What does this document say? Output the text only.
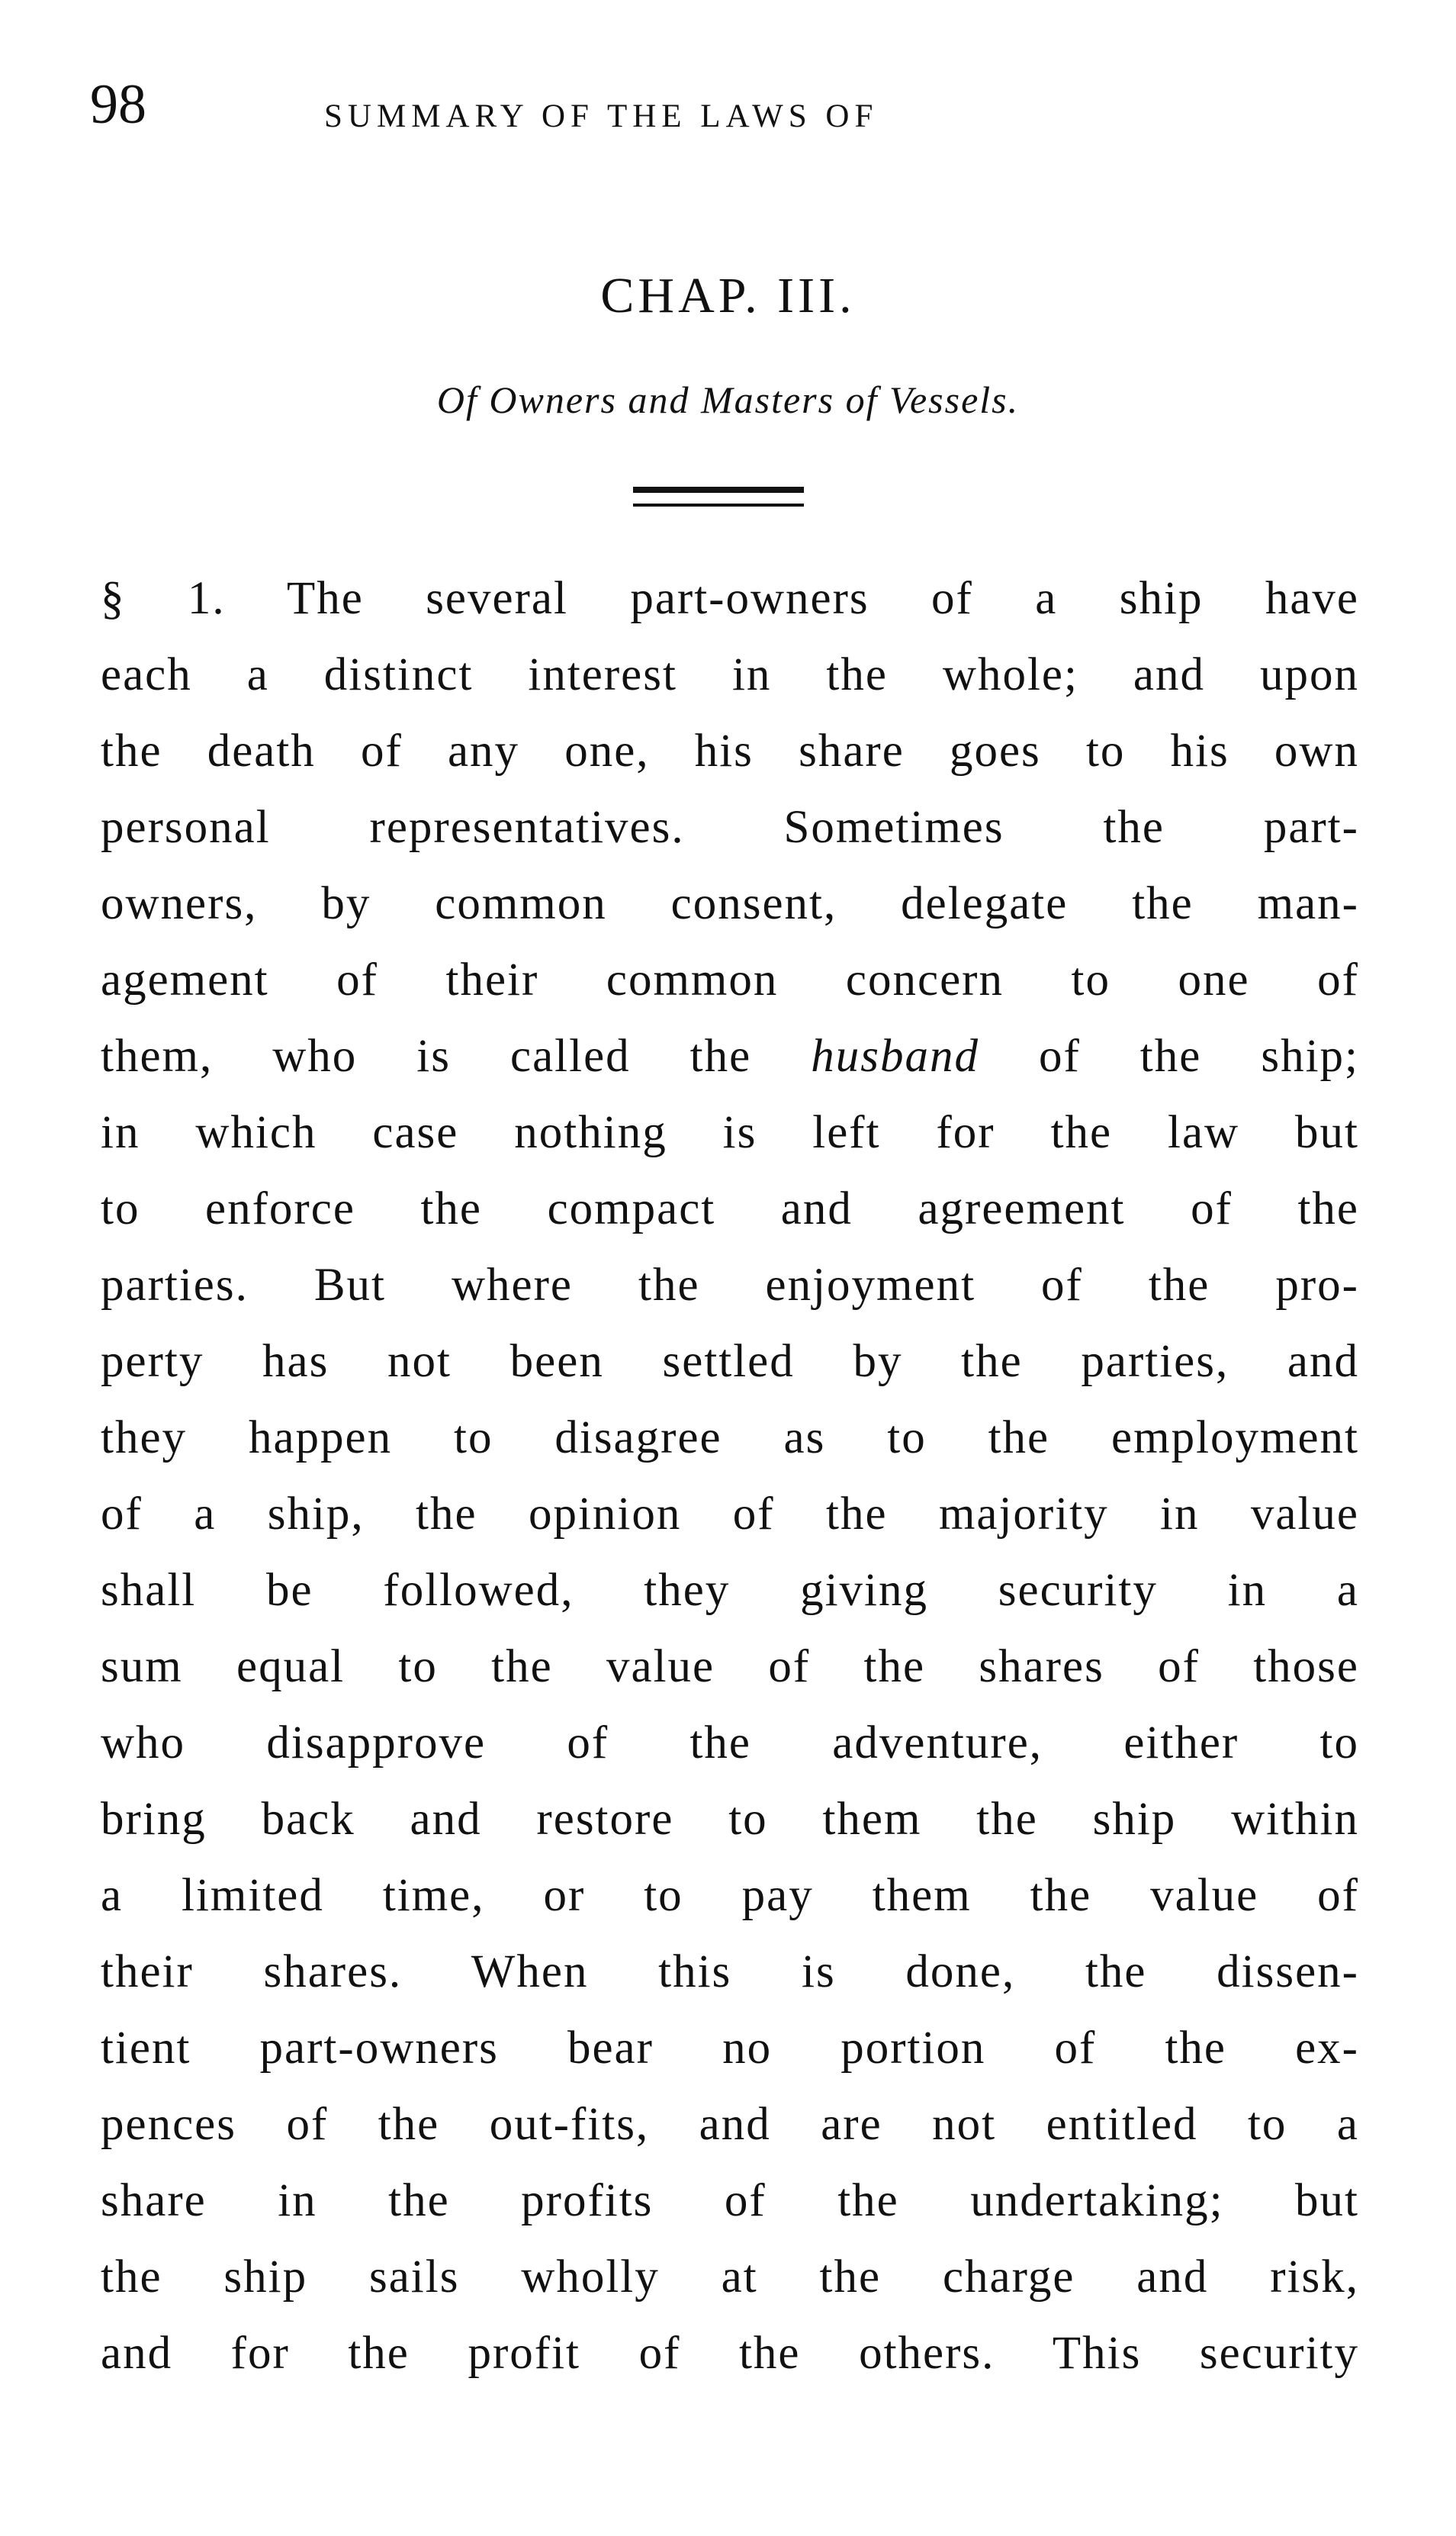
98	SUMMARY OF THE LAWS OF
CHAP. III.
Of Owners and Masters of Vessels.
§ 1. The several part-owners of a ship have
each a distinct interest in the whole; and upon
the death of any one, his share goes to his own
personal representatives. Sometimes the part-
owners, by common consent, delegate the man-
agement of their common concern to one of
them, who is called the husband of the ship;
in which case nothing is left for the law but
to enforce the compact and agreement of the
parties. But where the enjoyment of the pro-
perty has not been settled by the parties, and
they happen to disagree as to the employment
of a ship, the opinion of the majority in value
shall be followed, they giving security in a
sum equal to the value of the shares of those
who disapprove of the adventure, either to
bring back and restore to them the ship within
a limited time, or to pay them the value of
their shares. When this is done, the dissen-
tient part-owners bear no portion of the ex-
pences of the out-fits, and are not entitled to a
share in the profits of the undertaking; but
the ship sails wholly at the charge and risk,
and for the profit of the others. This security
